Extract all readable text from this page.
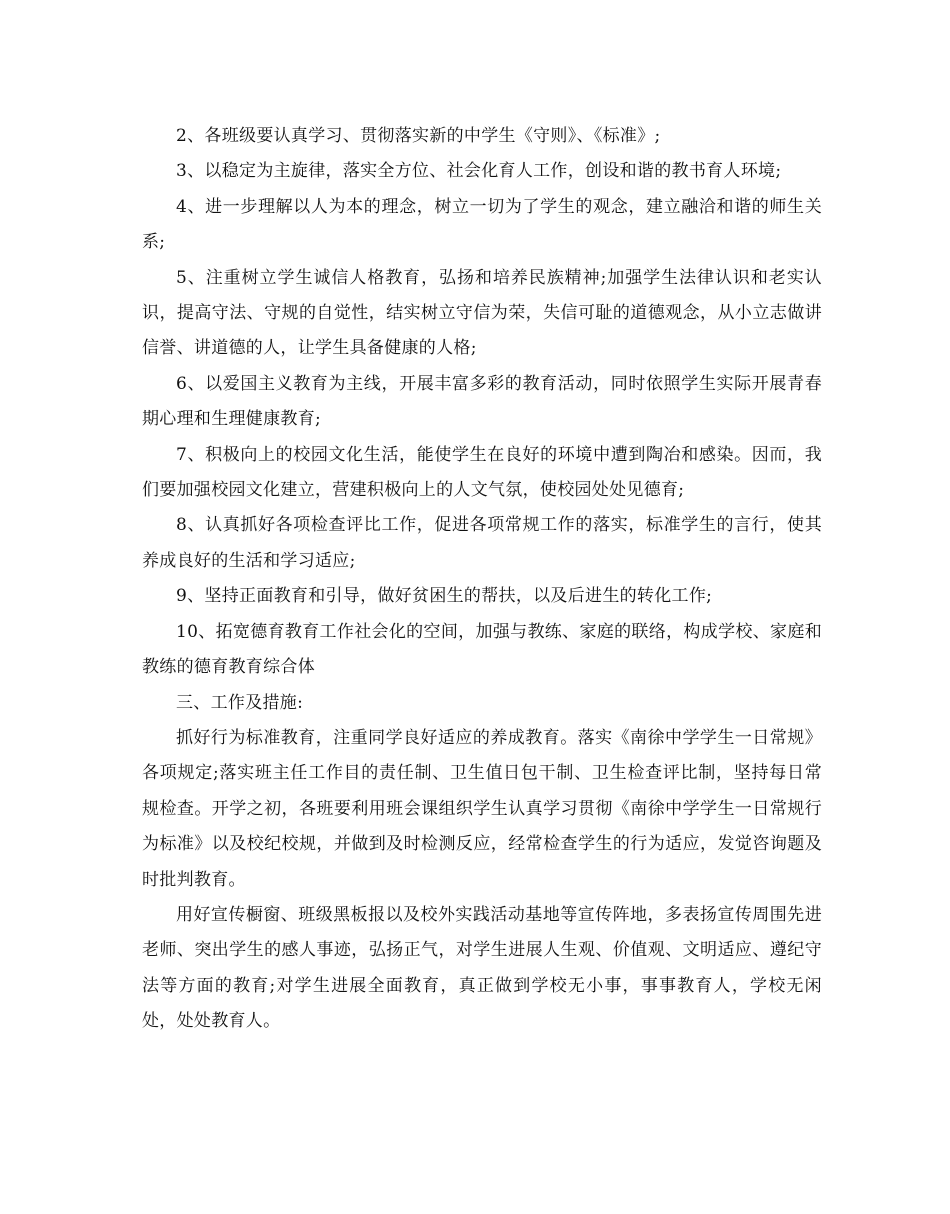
2、各班级要认真学习、贯彻落实新的中学生《守则》、《标准》;

3、以稳定为主旋律，落实全方位、社会化育人工作，创设和谐的教书育人环境;

4、进一步理解以人为本的理念，树立一切为了学生的观念，建立融洽和谐的师生关系;

5、注重树立学生诚信人格教育，弘扬和培养民族精神;加强学生法律认识和老实认识，提高守法、守规的自觉性，结实树立守信为荣，失信可耻的道德观念，从小立志做讲信誉、讲道德的人，让学生具备健康的人格;

6、以爱国主义教育为主线，开展丰富多彩的教育活动，同时依照学生实际开展青春期心理和生理健康教育;

7、积极向上的校园文化生活，能使学生在良好的环境中遭到陶冶和感染。因而，我们要加强校园文化建立，营建积极向上的人文气氛，使校园处处见德育;

8、认真抓好各项检查评比工作，促进各项常规工作的落实，标准学生的言行，使其养成良好的生活和学习适应;

9、坚持正面教育和引导，做好贫困生的帮扶，以及后进生的转化工作;

10、拓宽德育教育工作社会化的空间，加强与教练、家庭的联络，构成学校、家庭和教练的德育教育综合体

三、工作及措施:

抓好行为标准教育，注重同学良好适应的养成教育。落实《南徐中学学生一日常规》各项规定;落实班主任工作目的责任制、卫生值日包干制、卫生检查评比制，坚持每日常规检查。开学之初，各班要利用班会课组织学生认真学习贯彻《南徐中学学生一日常规行为标准》以及校纪校规，并做到及时检测反应，经常检查学生的行为适应，发觉咨询题及时批判教育。

用好宣传橱窗、班级黑板报以及校外实践活动基地等宣传阵地，多表扬宣传周围先进老师、突出学生的感人事迹，弘扬正气，对学生进展人生观、价值观、文明适应、遵纪守法等方面的教育;对学生进展全面教育，真正做到学校无小事，事事教育人，学校无闲处，处处教育人。
